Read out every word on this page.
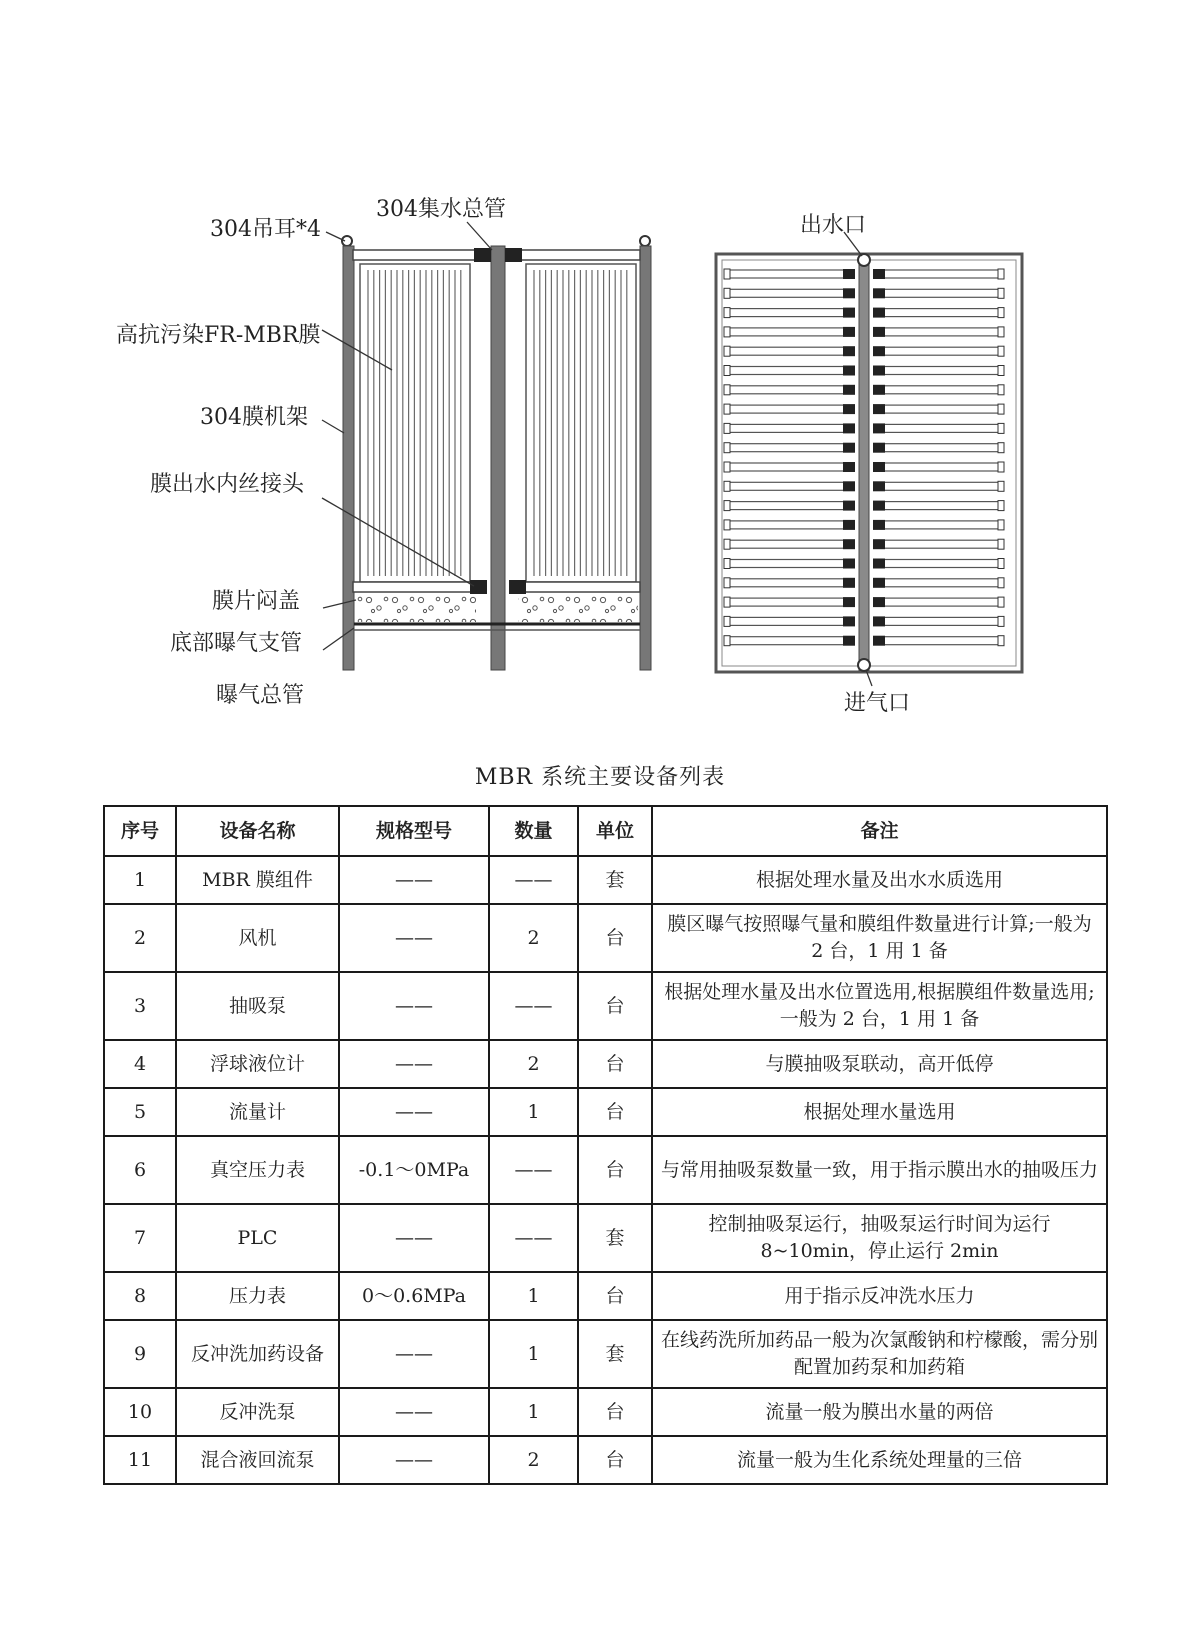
304吊耳*4
304集水总管
高抗污染FR-MBR膜
304膜机架
膜出水内丝接头
膜片闷盖
底部曝气支管
曝气总管
出水口
进气口
MBR 系统主要设备列表
序号	设备名称	规格型号	数量	单位	备注
1	MBR 膜组件	——	——	套	根据处理水量及出水水质选用
2	风机	——	2	台	膜区曝气按照曝气量和膜组件数量进行计算;一般为 2 台，1 用 1 备
3	抽吸泵	——	——	台	根据处理水量及出水位置选用,根据膜组件数量选用;一般为 2 台，1 用 1 备
4	浮球液位计	——	2	台	与膜抽吸泵联动，高开低停
5	流量计	——	1	台	根据处理水量选用
6	真空压力表	-0.1～0MPa	——	台	与常用抽吸泵数量一致，用于指示膜出水的抽吸压力
7	PLC	——	——	套	控制抽吸泵运行，抽吸泵运行时间为运行8~10min，停止运行 2min
8	压力表	0～0.6MPa	1	台	用于指示反冲洗水压力
9	反冲洗加药设备	——	1	套	在线药洗所加药品一般为次氯酸钠和柠檬酸，需分别配置加药泵和加药箱
10	反冲洗泵	——	1	台	流量一般为膜出水量的两倍
11	混合液回流泵	——	2	台	流量一般为生化系统处理量的三倍
